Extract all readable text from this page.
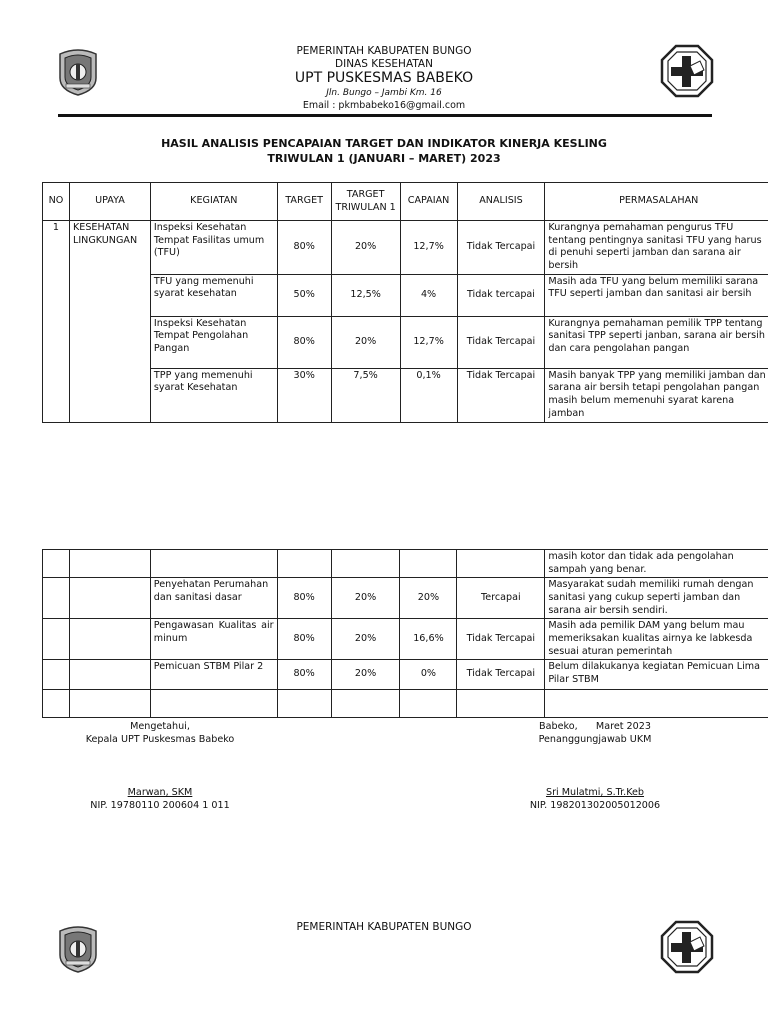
PEMERINTAH KABUPATEN BUNGO
DINAS KESEHATAN
UPT PUSKESMAS BABEKO
Jln. Bungo – Jambi Km. 16
Email : pkmbabeko16@gmail.com
HASIL ANALISIS PENCAPAIAN TARGET DAN INDIKATOR KINERJA KESLING
TRIWULAN 1 (JANUARI – MARET) 2023
NO	UPAYA	KEGIATAN	TARGET	TARGET TRIWULAN 1	CAPAIAN	ANALISIS	PERMASALAHAN
1	KESEHATAN LINGKUNGAN	Inspeksi Kesehatan Tempat Fasilitas umum (TFU)	80%	20%	12,7%	Tidak Tercapai	Kurangnya pemahaman pengurus TFU tentang pentingnya sanitasi TFU yang harus di penuhi seperti jamban dan sarana air bersih
		TFU yang memenuhi syarat kesehatan	50%	12,5%	4%	Tidak tercapai	Masih ada TFU yang belum memiliki sarana TFU seperti jamban dan sanitasi air bersih
		Inspeksi Kesehatan Tempat Pengolahan Pangan	80%	20%	12,7%	Tidak Tercapai	Kurangnya pemahaman pemilik TPP tentang sanitasi TPP seperti janban, sarana air bersih dan cara pengolahan pangan
		TPP yang memenuhi syarat Kesehatan	30%	7,5%	0,1%	Tidak Tercapai	Masih banyak TPP yang memiliki jamban dan sarana air bersih tetapi pengolahan pangan masih belum memenuhi syarat karena jamban
							masih kotor dan tidak ada pengolahan sampah yang benar.
		Penyehatan Perumahan dan sanitasi dasar	80%	20%	20%	Tercapai	Masyarakat sudah memiliki rumah dengan sanitasi yang cukup seperti jamban dan sarana air bersih sendiri.
		Pengawasan Kualitas air minum	80%	20%	16,6%	Tidak Tercapai	Masih ada pemilik DAM yang belum mau memeriksakan kualitas airnya ke labkesda sesuai aturan pemerintah
		Pemicuan STBM Pilar 2	80%	20%	0%	Tidak Tercapai	Belum dilakukanya kegiatan Pemicuan Lima Pilar STBM

Mengetahui,
Kepala UPT Puskesmas Babeko
Marwan, SKM
NIP. 19780110 200604 1 011
Babeko,      Maret 2023
Penanggungjawab UKM
Sri Mulatmi, S.Tr.Keb
NIP. 198201302005012006
PEMERINTAH KABUPATEN BUNGO
